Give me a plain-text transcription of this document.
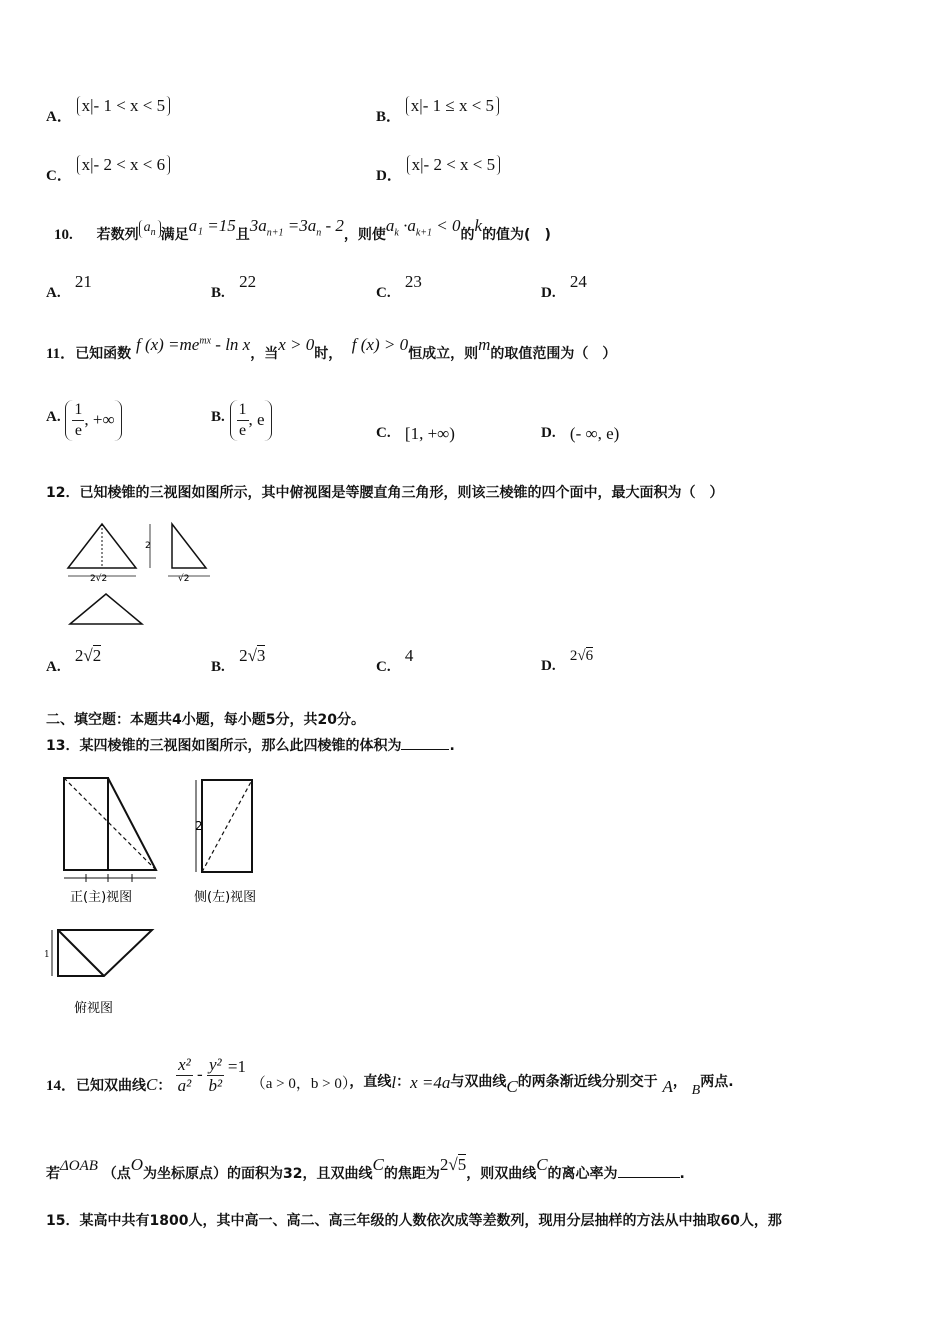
A． x|- 1 < x < 5
B． x|- 1 ≤ x < 5
C． x|- 2 < x < 6
D． x|- 2 < x < 5
10. 若数列 $a_n$ 满足a₁ =15且$3a_{n+1} =3a_n - 2$，则使$a_k \cdot a_{k+1} < 0$的k的值为(　)
A.   21
B.   22
C.   23
D.   24
11．已知函数 f $(x) =me^{mx} - \ln x$，当x > 0时， f (x) > 0恒成立，则m的取值范围为（　）
A. $\frac{1}{e}$ , +∞	B. $\frac{1}{e}$ , e
C. [1, +∞)	D. (- ∞, e)
12．已知棱锥的三视图如图所示，其中俯视图是等腰直角三角形，则该三棱锥的四个面中，最大面积为（　）
2√2
2
√2
A.   2√2
B.   2√3
C.   4
D.   2√6
二、填空题：本题共4小题，每小题5分，共20分。
13．某四棱锥的三视图如图所示，那么此四棱锥的体积为	.
正(主)视图
2
侧(左)视图
俯视图
1
14．已知双曲线C： $\frac{\text{x²}}{\text{a²}} - \frac{\text{y²}}{\text{b²}} =1$ （a > 0，b > 0），直线l：x =4a与双曲线C的两条渐近线分别交于 A， B两点.
若ΔOAB （点O为坐标原点）的面积为32，且双曲线C的焦距为2√5，则双曲线C的离心率为	.
15．某高中共有1800人，其中高一、高二、高三年级的人数依次成等差数列，现用分层抽样的方法从中抽取60人，那
